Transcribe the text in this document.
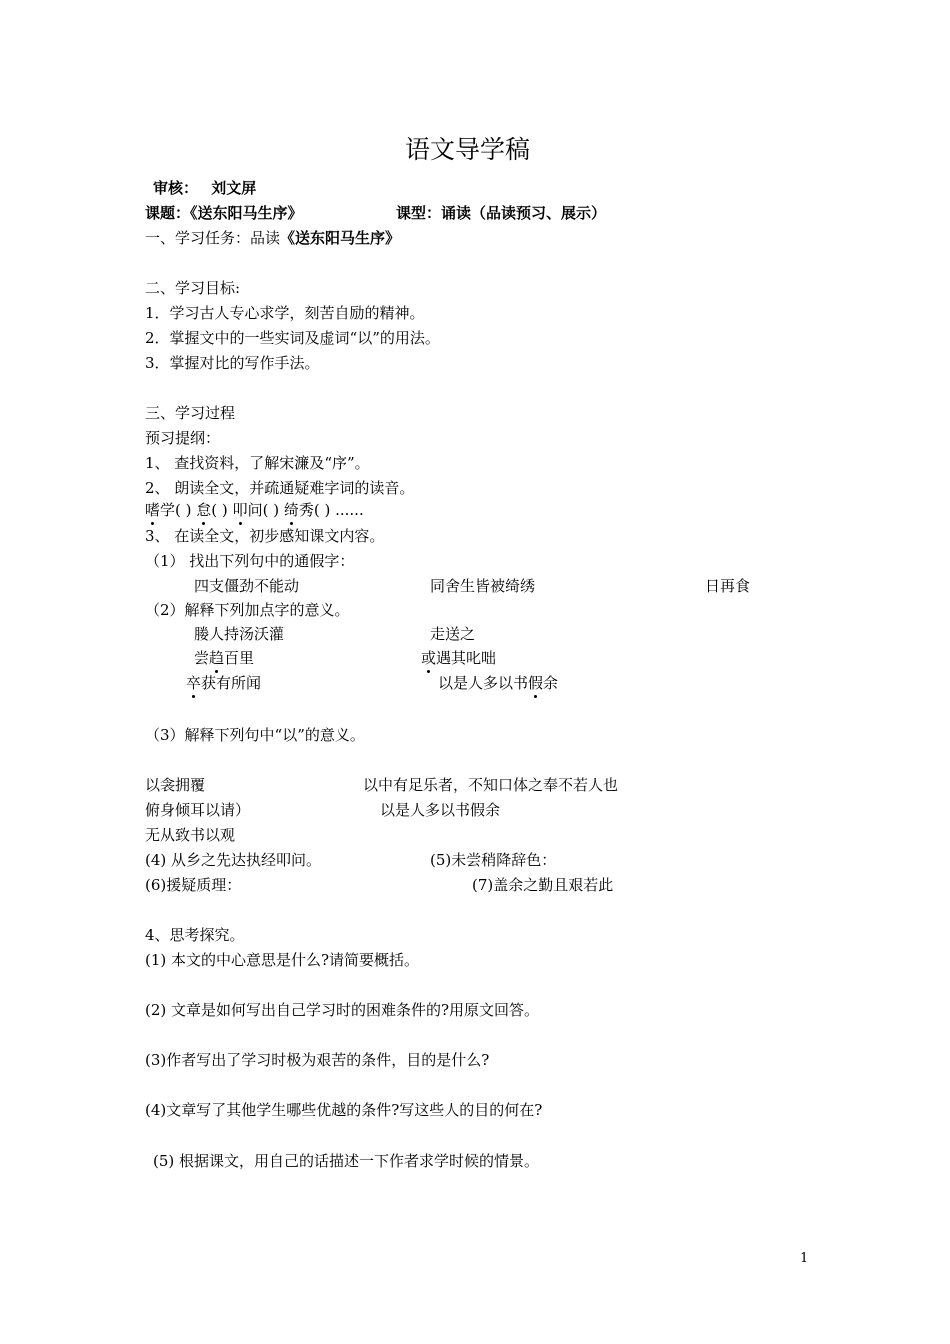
语文导学稿
审核： 刘文屏
课题：《送东阳马生序》	课型：诵读（品读预习、展示）
一、学习任务：品读《送东阳马生序》
二、学习目标:
1．学习古人专心求学，刻苦自励的精神。
2．掌握文中的一些实词及虚词“以”的用法。
3．掌握对比的写作手法。
三、学习过程
预习提纲：
1、 查找资料，了解宋濂及“序”。
2、 朗读全文，并疏通疑难字词的读音。
嗜学( ) 怠( ) 叩问( ) 绮秀( ) ......
3、 在读全文，初步感知课文内容。
（1） 找出下列句中的通假字：
四支僵劲不能动	同舍生皆被绮绣	日再食
（2）解释下列加点字的意义。
媵人持汤沃灌	走送之
尝趋百里	或遇其叱咄
卒获有所闻	以是人多以书假余
（3）解释下列句中“以”的意义。
以衾拥覆	以中有足乐者，不知口体之奉不若人也
俯身倾耳以请）	以是人多以书假余
无从致书以观
(4) 从乡之先达执经叩问。	(5)未尝稍降辞色：
(6)援疑质理：	(7)盖余之勤且艰若此
4、思考探究。
(1) 本文的中心意思是什么?请简要概括。
(2) 文章是如何写出自己学习时的困难条件的?用原文回答。
(3)作者写出了学习时极为艰苦的条件，目的是什么?
(4)文章写了其他学生哪些优越的条件?写这些人的目的何在?
(5) 根据课文，用自己的话描述一下作者求学时候的情景。
1
